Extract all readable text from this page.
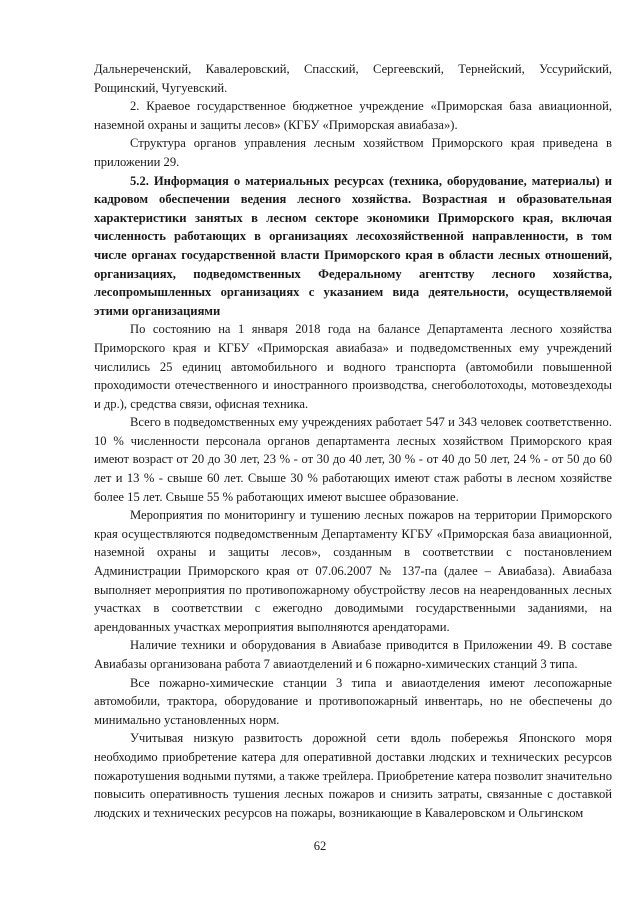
Дальнереченский, Кавалеровский, Спасский, Сергеевский, Тернейский, Уссурийский, Рощинский, Чугуевский.

2. Краевое государственное бюджетное учреждение «Приморская база авиационной, наземной охраны и защиты лесов» (КГБУ «Приморская авиабаза»).

Структура органов управления лесным хозяйством Приморского края приведена в приложении 29.

5.2. Информация о материальных ресурсах (техника, оборудование, материалы) и кадровом обеспечении ведения лесного хозяйства. Возрастная и образовательная характеристики занятых в лесном секторе экономики Приморского края, включая численность работающих в организациях лесохозяйственной направленности, в том числе органах государственной власти Приморского края в области лесных отношений, организациях, подведомственных Федеральному агентству лесного хозяйства, лесопромышленных организациях с указанием вида деятельности, осуществляемой этими организациями

По состоянию на 1 января 2018 года на балансе Департамента лесного хозяйства Приморского края и КГБУ «Приморская авиабаза» и подведомственных ему учреждений числились 25 единиц автомобильного и водного транспорта (автомобили повышенной проходимости отечественного и иностранного производства, снегоболотоходы, мотовездеходы и др.), средства связи, офисная техника.

Всего в подведомственных ему учреждениях работает 547 и 343 человек соответственно. 10 % численности персонала органов департамента лесных хозяйством Приморского края имеют возраст от 20 до 30 лет, 23 % - от 30 до 40 лет, 30 % - от 40 до 50 лет, 24 % - от 50 до 60 лет и 13 % - свыше 60 лет. Свыше 30 % работающих имеют стаж работы в лесном хозяйстве более 15 лет. Свыше 55 % работающих имеют высшее образование.

Мероприятия по мониторингу и тушению лесных пожаров на территории Приморского края осуществляются подведомственным Департаменту КГБУ «Приморская база авиационной, наземной охраны и защиты лесов», созданным в соответствии с постановлением Администрации Приморского края от 07.06.2007 № 137-па (далее – Авиабаза). Авиабаза выполняет мероприятия по противопожарному обустройству лесов на неарендованных лесных участках в соответствии с ежегодно доводимыми государственными заданиями, на арендованных участках мероприятия выполняются арендаторами.

Наличие техники и оборудования в Авиабазе приводится в Приложении 49. В составе Авиабазы организована работа 7 авиаотделений и 6 пожарно-химических станций 3 типа.

Все пожарно-химические станции 3 типа и авиаотделения имеют лесопожарные автомобили, трактора, оборудование и противопожарный инвентарь, но не обеспечены до минимально установленных норм.

Учитывая низкую развитость дорожной сети вдоль побережья Японского моря необходимо приобретение катера для оперативной доставки людских и технических ресурсов пожаротушения водными путями, а также трейлера. Приобретение катера позволит значительно повысить оперативность тушения лесных пожаров и снизить затраты, связанные с доставкой людских и технических ресурсов на пожары, возникающие в Кавалеровском и Ольгинском

62
